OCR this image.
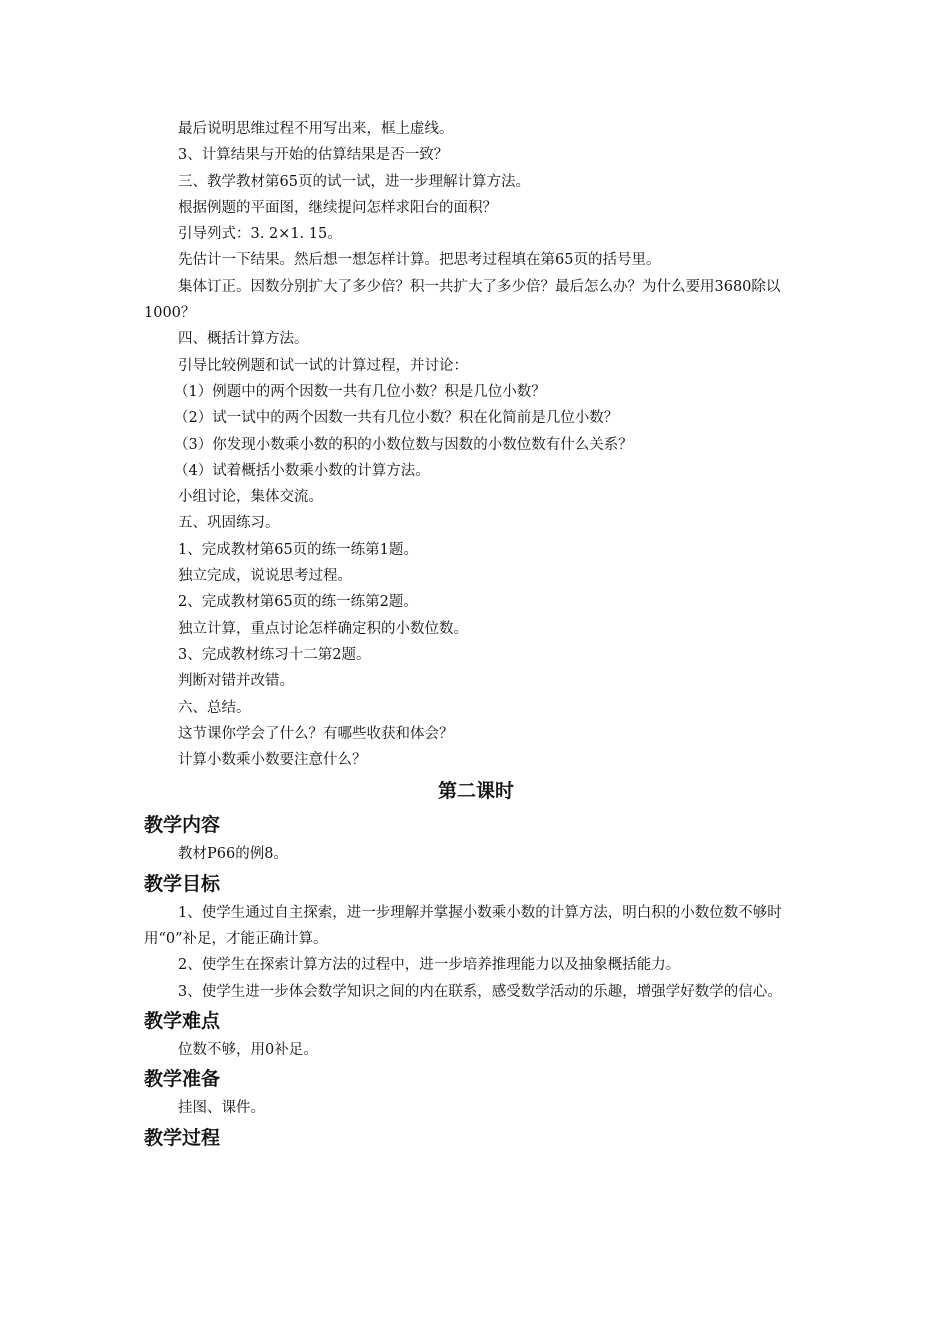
最后说明思维过程不用写出来，框上虚线。

3、计算结果与开始的估算结果是否一致？

三、教学教材第65页的试一试，进一步理解计算方法。

根据例题的平面图，继续提问怎样求阳台的面积？

引导列式：3. 2×1. 15。

先估计一下结果。然后想一想怎样计算。把思考过程填在第65页的括号里。

集体订正。因数分别扩大了多少倍？积一共扩大了多少倍？最后怎么办？为什么要用3680除以1000？

四、概括计算方法。

引导比较例题和试一试的计算过程，并讨论：

（1）例题中的两个因数一共有几位小数？积是几位小数？

（2）试一试中的两个因数一共有几位小数？积在化简前是几位小数？

（3）你发现小数乘小数的积的小数位数与因数的小数位数有什么关系？

（4）试着概括小数乘小数的计算方法。

小组讨论，集体交流。

五、巩固练习。

1、完成教材第65页的练一练第1题。

独立完成，说说思考过程。

2、完成教材第65页的练一练第2题。

独立计算，重点讨论怎样确定积的小数位数。

3、完成教材练习十二第2题。

判断对错并改错。

六、总结。

这节课你学会了什么？有哪些收获和体会？

计算小数乘小数要注意什么？

第二课时
教学内容

教材P66的例8。

教学目标

1、使学生通过自主探索，进一步理解并掌握小数乘小数的计算方法，明白积的小数位数不够时用“0”补足，才能正确计算。

2、使学生在探索计算方法的过程中，进一步培养推理能力以及抽象概括能力。

3、使学生进一步体会数学知识之间的内在联系，感受数学活动的乐趣，增强学好数学的信心。

教学难点

位数不够，用0补足。

教学准备

挂图、课件。

教学过程
